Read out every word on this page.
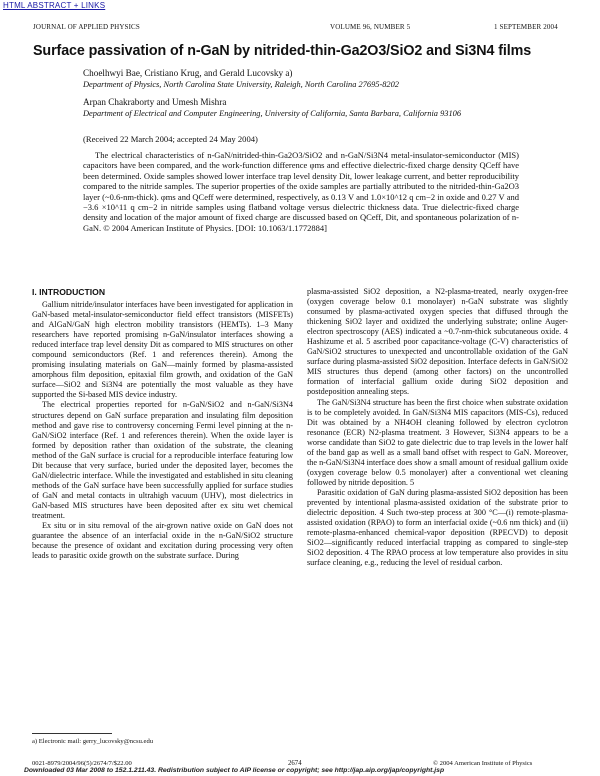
HTML ABSTRACT + LINKS
JOURNAL OF APPLIED PHYSICS	VOLUME 96, NUMBER 5	1 SEPTEMBER 2004
Surface passivation of n-GaN by nitrided-thin-Ga2O3/SiO2 and Si3N4 films
Choelhwyi Bae, Cristiano Krug, and Gerald Lucovsky a)
Department of Physics, North Carolina State University, Raleigh, North Carolina 27695-8202
Arpan Chakraborty and Umesh Mishra
Department of Electrical and Computer Engineering, University of California, Santa Barbara, California 93106
(Received 22 March 2004; accepted 24 May 2004)
The electrical characteristics of n-GaN/nitrided-thin-Ga2O3/SiO2 and n-GaN/Si3N4 metal-insulator-semiconductor (MIS) capacitors have been compared, and the work-function difference φms and effective dielectric-fixed charge density QCeff have been determined. Oxide samples showed lower interface trap level density Dit, lower leakage current, and better reproducibility compared to the nitride samples. The superior properties of the oxide samples are partially attributed to the nitrided-thin-Ga2O3 layer (~0.6-nm-thick). φms and QCeff were determined, respectively, as 0.13 V and 1.0×10^12 q cm−2 in oxide and 0.27 V and −3.6 ×10^11 q cm−2 in nitride samples using flatband voltage versus dielectric thickness data. True dielectric-fixed charge density and location of the major amount of fixed charge are discussed based on QCeff, Dit, and spontaneous polarization of n-GaN. © 2004 American Institute of Physics. [DOI: 10.1063/1.1772884]
I. INTRODUCTION

Gallium nitride/insulator interfaces have been investigated for application in GaN-based metal-insulator-semiconductor field effect transistors (MISFETs) and AlGaN/GaN high electron mobility transistors (HEMTs). 1–3 Many researchers have reported promising n-GaN/insulator interfaces showing a reduced interface trap level density Dit as compared to MIS structures on other compound semiconductors (Ref. 1 and references therein). Among the promising insulating materials on GaN—mainly formed by plasma-assisted amorphous film deposition, epitaxial film growth, and oxidation of the GaN surface—SiO2 and Si3N4 are potentially the most valuable as they have supported the Si-based MIS device industry.

The electrical properties reported for n-GaN/SiO2 and n-GaN/Si3N4 structures depend on GaN surface preparation and insulating film deposition method and gave rise to controversy concerning Fermi level pinning at the n-GaN/SiO2 interface (Ref. 1 and references therein). When the oxide layer is formed by deposition rather than oxidation of the substrate, the cleaning method of the GaN surface is crucial for a reproducible interface featuring low Dit because that very surface, buried under the deposited layer, becomes the GaN/dielectric interface. While the investigated and established in situ cleaning methods of the GaN surface have been successfully applied for surface studies of GaN and metal contacts in ultrahigh vacuum (UHV), most dielectrics in GaN-based MIS structures have been deposited after ex situ wet chemical treatment.

Ex situ or in situ removal of the air-grown native oxide on GaN does not guarantee the absence of an interfacial oxide in the n-GaN/SiO2 structure because the presence of oxidant and excitation during processing very often leads to parasitic oxide growth on the substrate surface. During

plasma-assisted SiO2 deposition, a N2-plasma-treated, nearly oxygen-free (oxygen coverage below 0.1 monolayer) n-GaN substrate was slightly consumed by plasma-activated oxygen species that diffused through the thickening SiO2 layer and oxidized the underlying substrate; online Auger-electron spectroscopy (AES) indicated a ~0.7-nm-thick subcutaneous oxide. 4 Hashizume et al. 5 ascribed poor capacitance-voltage (C-V) characteristics of GaN/SiO2 structures to unexpected and uncontrollable oxidation of the GaN surface during plasma-assisted SiO2 deposition. Interface defects in GaN/SiO2 MIS structures thus depend (among other factors) on the uncontrolled formation of interfacial gallium oxide during SiO2 deposition and postdeposition annealing steps.

The GaN/Si3N4 structure has been the first choice when substrate oxidation is to be completely avoided. In GaN/Si3N4 MIS capacitors (MIS-Cs), reduced Dit was obtained by a NH4OH cleaning followed by electron cyclotron resonance (ECR) N2-plasma treatment. 3 However, Si3N4 appears to be a worse candidate than SiO2 to gate dielectric due to trap levels in the lower half of the band gap as well as a small band offset with respect to GaN. Moreover, the n-GaN/Si3N4 interface does show a small amount of residual gallium oxide (oxygen coverage below 0.5 monolayer) after a conventional wet cleaning followed by nitride deposition. 5

Parasitic oxidation of GaN during plasma-assisted SiO2 deposition has been prevented by intentional plasma-assisted oxidation of the substrate prior to dielectric deposition. 4 Such two-step process at 300 °C—(i) remote-plasma-assisted oxidation (RPAO) to form an interfacial oxide (~0.6 nm thick) and (ii) remote-plasma-enhanced chemical-vapor deposition (RPECVD) to deposit SiO2—significantly reduced interfacial trapping as compared to single-step SiO2 deposition. 4 The RPAO process at low temperature also provides in situ surface cleaning, e.g., reducing the level of residual carbon.

a) Electronic mail: gerry_lucovsky@ncsu.edu
0021-8979/2004/96(5)/2674/7/$22.00	2674	© 2004 American Institute of Physics
Downloaded 03 Mar 2008 to 152.1.211.43. Redistribution subject to AIP license or copyright; see http://jap.aip.org/jap/copyright.jsp
